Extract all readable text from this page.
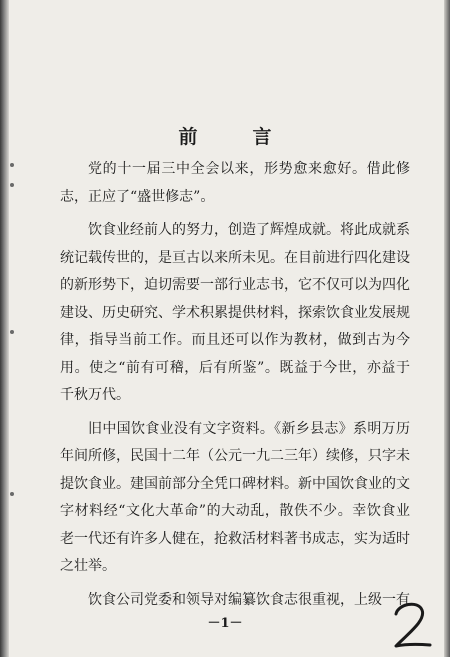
前　言

党的十一届三中全会以来，形势愈来愈好。借此修
志，正应了“盛世修志”。

饮食业经前人的努力，创造了辉煌成就。将此成就系
统记载传世的，是亘古以来所未见。在目前进行四化建设
的新形势下，迫切需要一部行业志书，它不仅可以为四化
建设、历史研究、学术积累提供材料，探索饮食业发展规
律，指导当前工作。而且还可以作为教材，做到古为今
用。使之“前有可稽，后有所鉴”。既益于今世，亦益于
千秋万代。

旧中国饮食业没有文字资料。《新乡县志》系明万历
年间所修，民国十二年（公元一九二三年）续修，只字未
提饮食业。建国前部分全凭口碑材料。新中国饮食业的文
字材料经“文化大革命”的大动乱，散佚不少。幸饮食业
老一代还有许多人健在，抢救活材料著书成志，实为适时
之壮举。

饮食公司党委和领导对编纂饮食志很重视，上级一有

－1－
